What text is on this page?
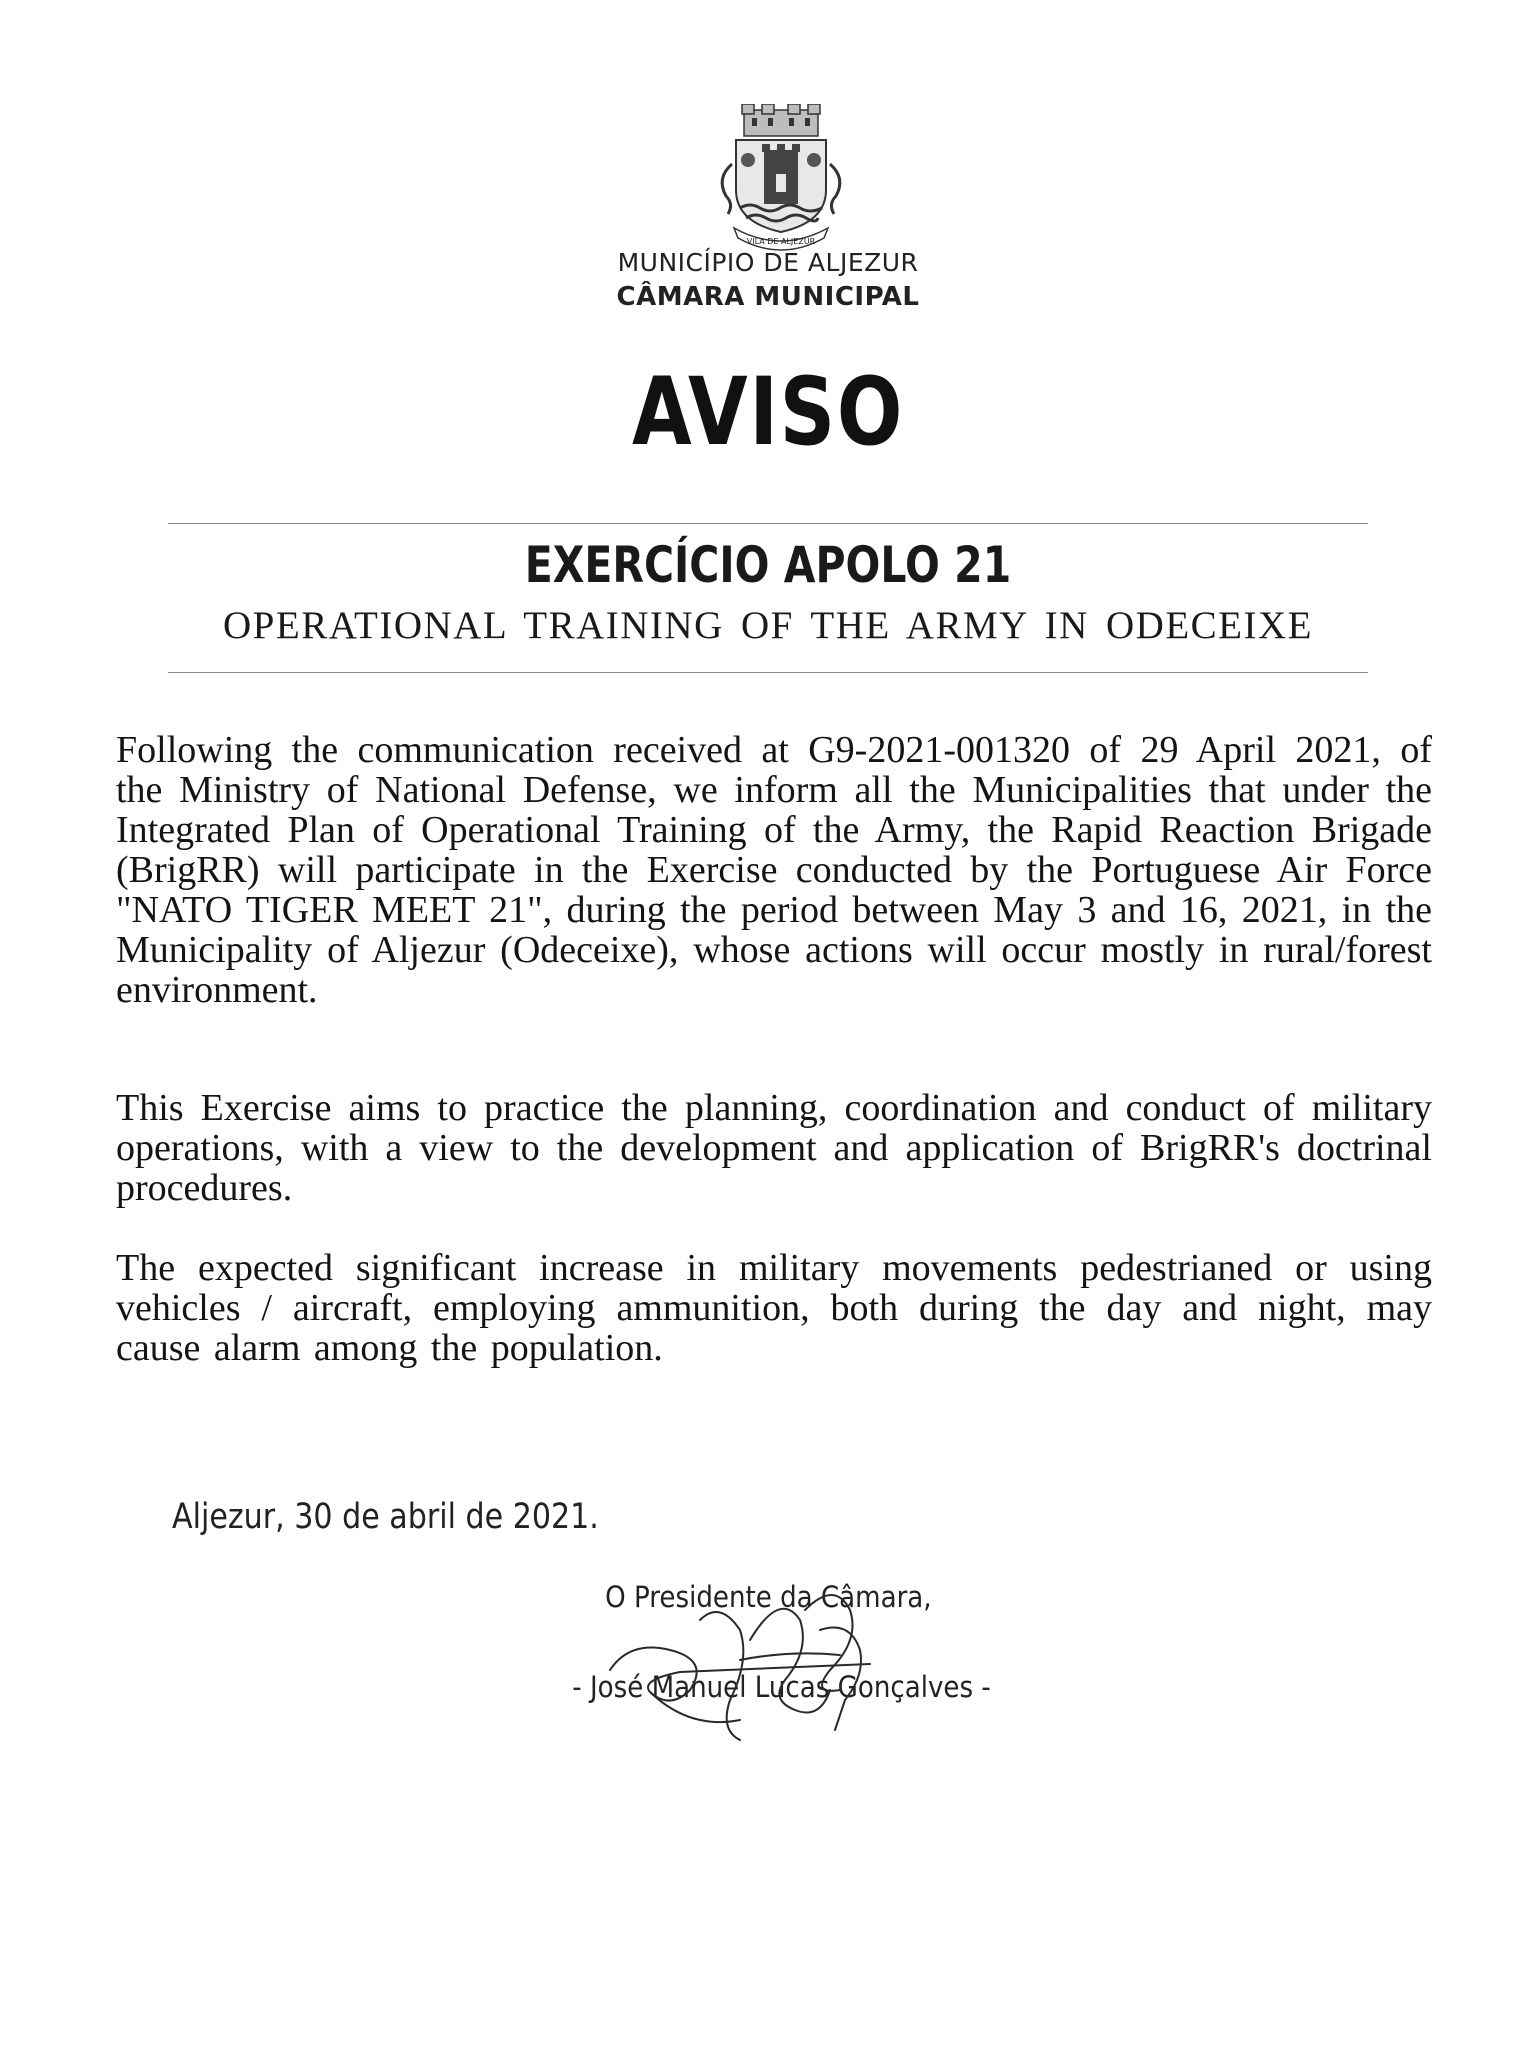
VILA DE ALJEZUR
MUNICÍPIO DE ALJEZUR
CÂMARA MUNICIPAL
AVISO
EXERCÍCIO APOLO 21
OPERATIONAL TRAINING OF THE ARMY IN ODECEIXE

Following the communication received at G9-2021-001320 of 29 April 2021, of the Ministry of National Defense, we inform all the Municipalities that under the Integrated Plan of Operational Training of the Army, the Rapid Reaction Brigade (BrigRR) will participate in the Exercise conducted by the Portuguese Air Force "NATO TIGER MEET 21", during the period between May 3 and 16, 2021, in the Municipality of Aljezur (Odeceixe), whose actions will occur mostly in rural/forest environment.

This Exercise aims to practice the planning, coordination and conduct of military operations, with a view to the development and application of BrigRR's doctrinal procedures.

The expected significant increase in military movements pedestrianed or using vehicles / aircraft, employing ammunition, both during the day and night, may cause alarm among the population.

Aljezur, 30 de abril de 2021.
O Presidente da Câmara,
- José Manuel Lucas Gonçalves -
